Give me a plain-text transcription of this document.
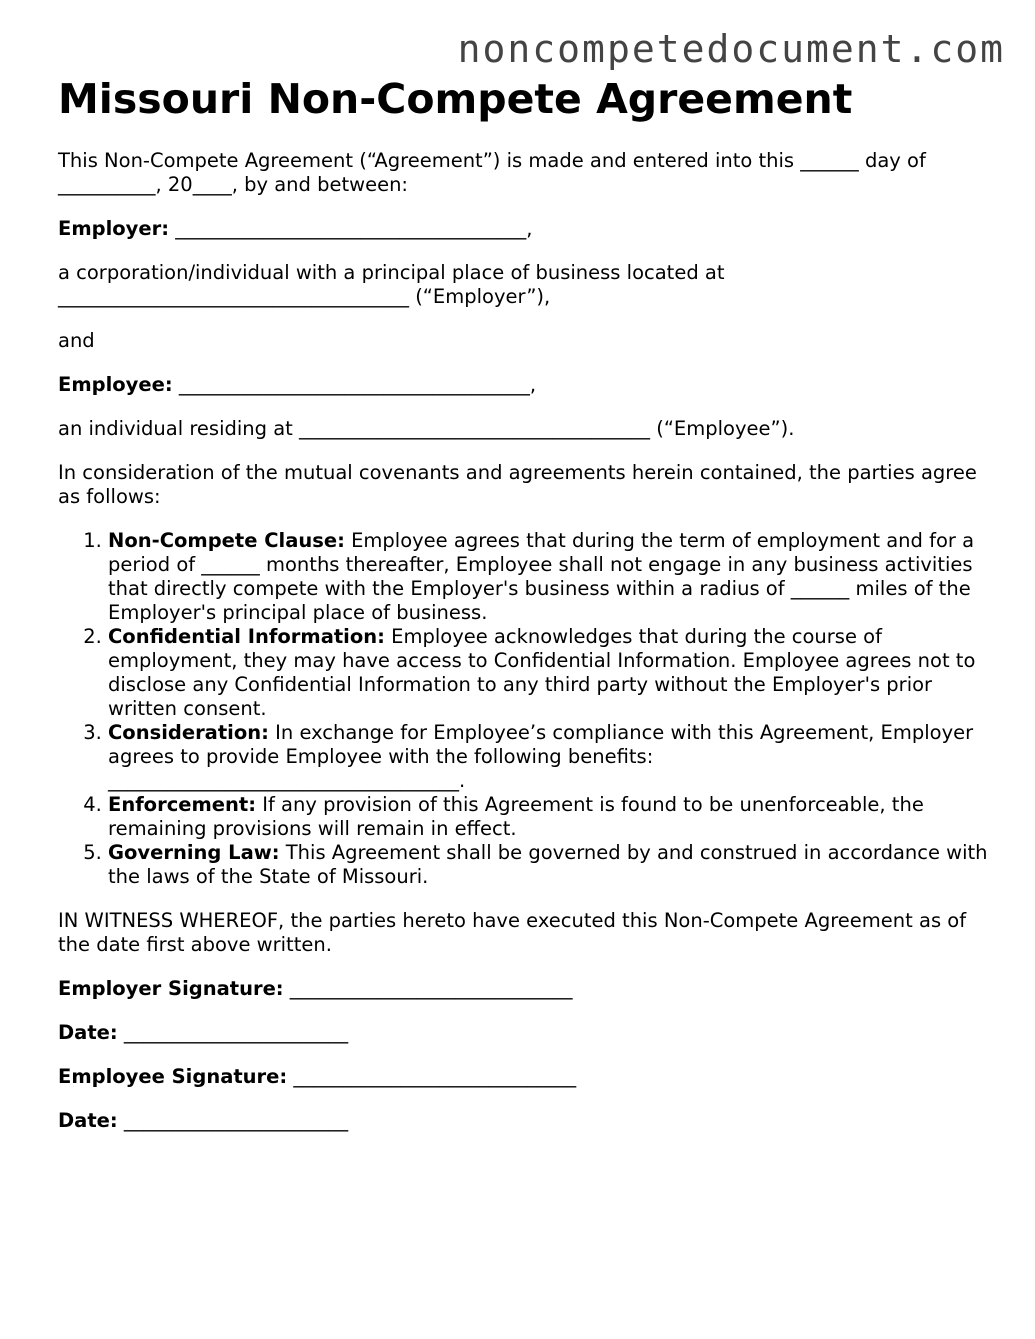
noncompetedocument.com
Missouri Non-Compete Agreement

This Non-Compete Agreement (“Agreement”) is made and entered into this ______ day of __________, 20____, by and between:

Employer: ____________________________________,

a corporation/individual with a principal place of business located at ____________________________________ (“Employer”),

and

Employee: ____________________________________,

an individual residing at ____________________________________ (“Employee”).

In consideration of the mutual covenants and agreements herein contained, the parties agree as follows:

1. Non-Compete Clause: Employee agrees that during the term of employment and for a period of ______ months thereafter, Employee shall not engage in any business activities that directly compete with the Employer's business within a radius of ______ miles of the Employer's principal place of business.
2. Confidential Information: Employee acknowledges that during the course of employment, they may have access to Confidential Information. Employee agrees not to disclose any Confidential Information to any third party without the Employer's prior written consent.
3. Consideration: In exchange for Employee’s compliance with this Agreement, Employer agrees to provide Employee with the following benefits: ____________________________________.
4. Enforcement: If any provision of this Agreement is found to be unenforceable, the remaining provisions will remain in effect.
5. Governing Law: This Agreement shall be governed by and construed in accordance with the laws of the State of Missouri.

IN WITNESS WHEREOF, the parties hereto have executed this Non-Compete Agreement as of the date first above written.

Employer Signature: _____________________________

Date: _______________________

Employee Signature: _____________________________

Date: _______________________
